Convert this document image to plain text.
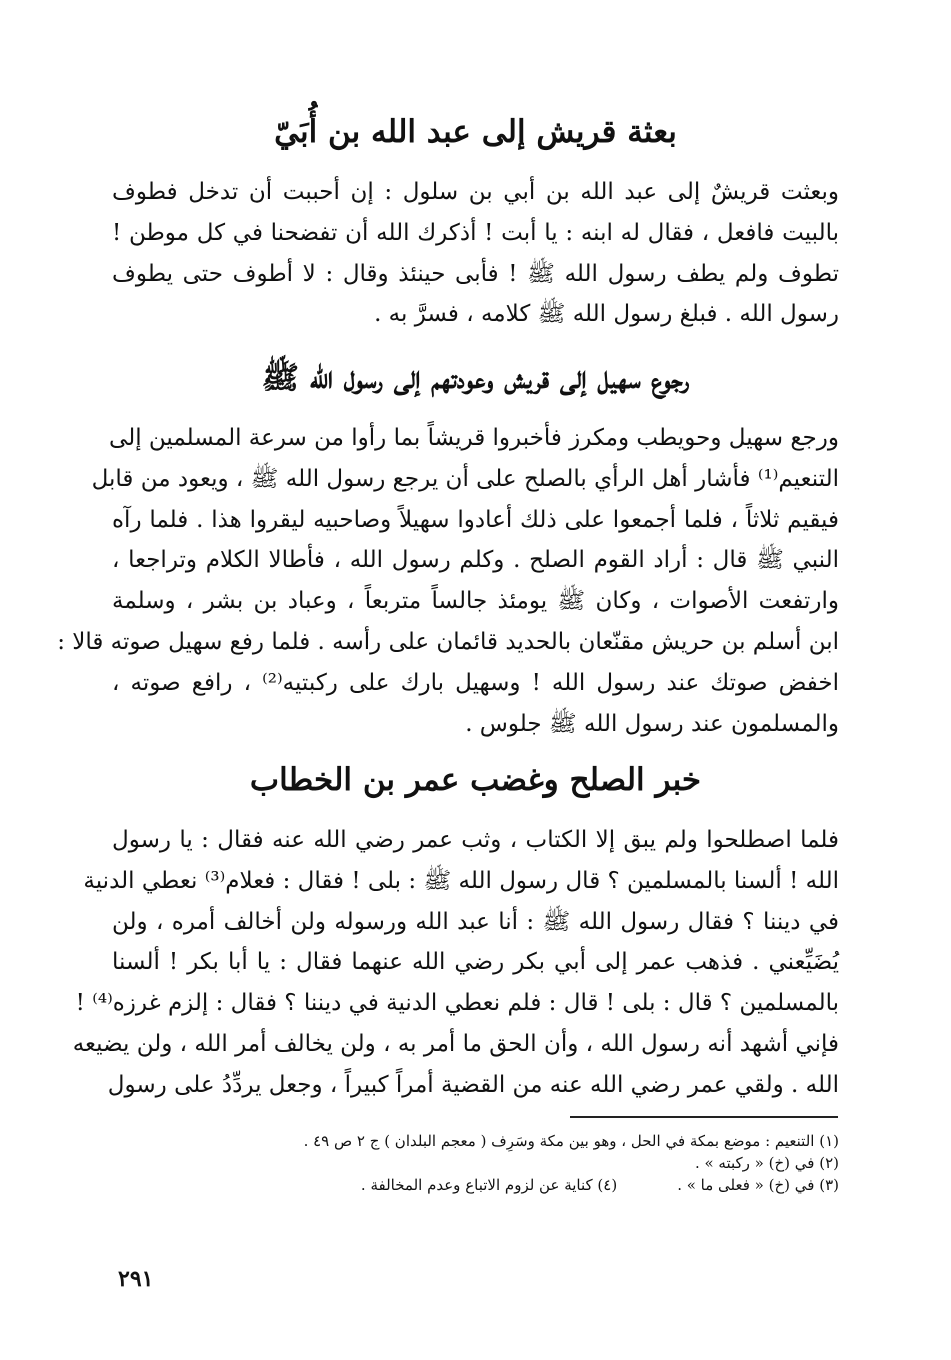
بعثة قريش إلى عبد الله بن أُبَيّ
وبعثت قريشٌ إلى عبد الله بن أبي بن سلول : إن أحببت أن تدخل فطوف
بالبيت فافعل ، فقال له ابنه : يا أبت ! أذكرك الله أن تفضحنا في كل موطن !
تطوف ولم يطف رسول الله ﷺ ! فأبى حينئذ وقال : لا أطوف حتى يطوف
رسول الله . فبلغ رسول الله ﷺ كلامه ، فسرَّ به .
رجوع سهيل إلى قريش وعودتهم إلى رسول الله ﷺ
ورجع سهيل وحويطب ومكرز فأخبروا قريشاً بما رأوا من سرعة المسلمين إلى
التنعيم⁽¹⁾ فأشار أهل الرأي بالصلح على أن يرجع رسول الله ﷺ ، ويعود من قابل
فيقيم ثلاثاً ، فلما أجمعوا على ذلك أعادوا سهيلاً وصاحبيه ليقروا هذا . فلما رآه
النبي ﷺ قال : أراد القوم الصلح . وكلم رسول الله ، فأطالا الكلام وتراجعا ،
وارتفعت الأصوات ، وكان ﷺ يومئذ جالساً متربعاً ، وعباد بن بشر ، وسلمة
ابن أسلم بن حريش مقنّعان بالحديد قائمان على رأسه . فلما رفع سهيل صوته قالا :
اخفض صوتك عند رسول الله ! وسهيل بارك على ركبتيه⁽²⁾ ، رافع صوته ،
والمسلمون عند رسول الله ﷺ جلوس .
خبر الصلح وغضب عمر بن الخطاب
فلما اصطلحوا ولم يبق إلا الكتاب ، وثب عمر رضي الله عنه فقال : يا رسول
الله ! ألسنا بالمسلمين ؟ قال رسول الله ﷺ : بلى ! فقال : فعلام⁽³⁾ نعطي الدنية
في ديننا ؟ فقال رسول الله ﷺ : أنا عبد الله ورسوله ولن أخالف أمره ، ولن
يُضَيِّعني . فذهب عمر إلى أبي بكر رضي الله عنهما فقال : يا أبا بكر ! ألسنا
بالمسلمين ؟ قال : بلى ! قال : فلم نعطي الدنية في ديننا ؟ فقال : إلزم غرزه⁽⁴⁾ !
فإني أشهد أنه رسول الله ، وأن الحق ما أمر به ، ولن يخالف أمر الله ، ولن يضيعه
الله . ولقي عمر رضي الله عنه من القضية أمراً كبيراً ، وجعل يردِّدُ على رسول
(١) التنعيم : موضع بمكة في الحل ، وهو بين مكة وسَرِف ( معجم البلدان ) ج ٢ ص ٤٩ .
(٢) في (خ) « ركبته » .
(٣) في (خ) « فعلى ما » .(٤) كناية عن لزوم الاتباع وعدم المخالفة .
٢٩١
